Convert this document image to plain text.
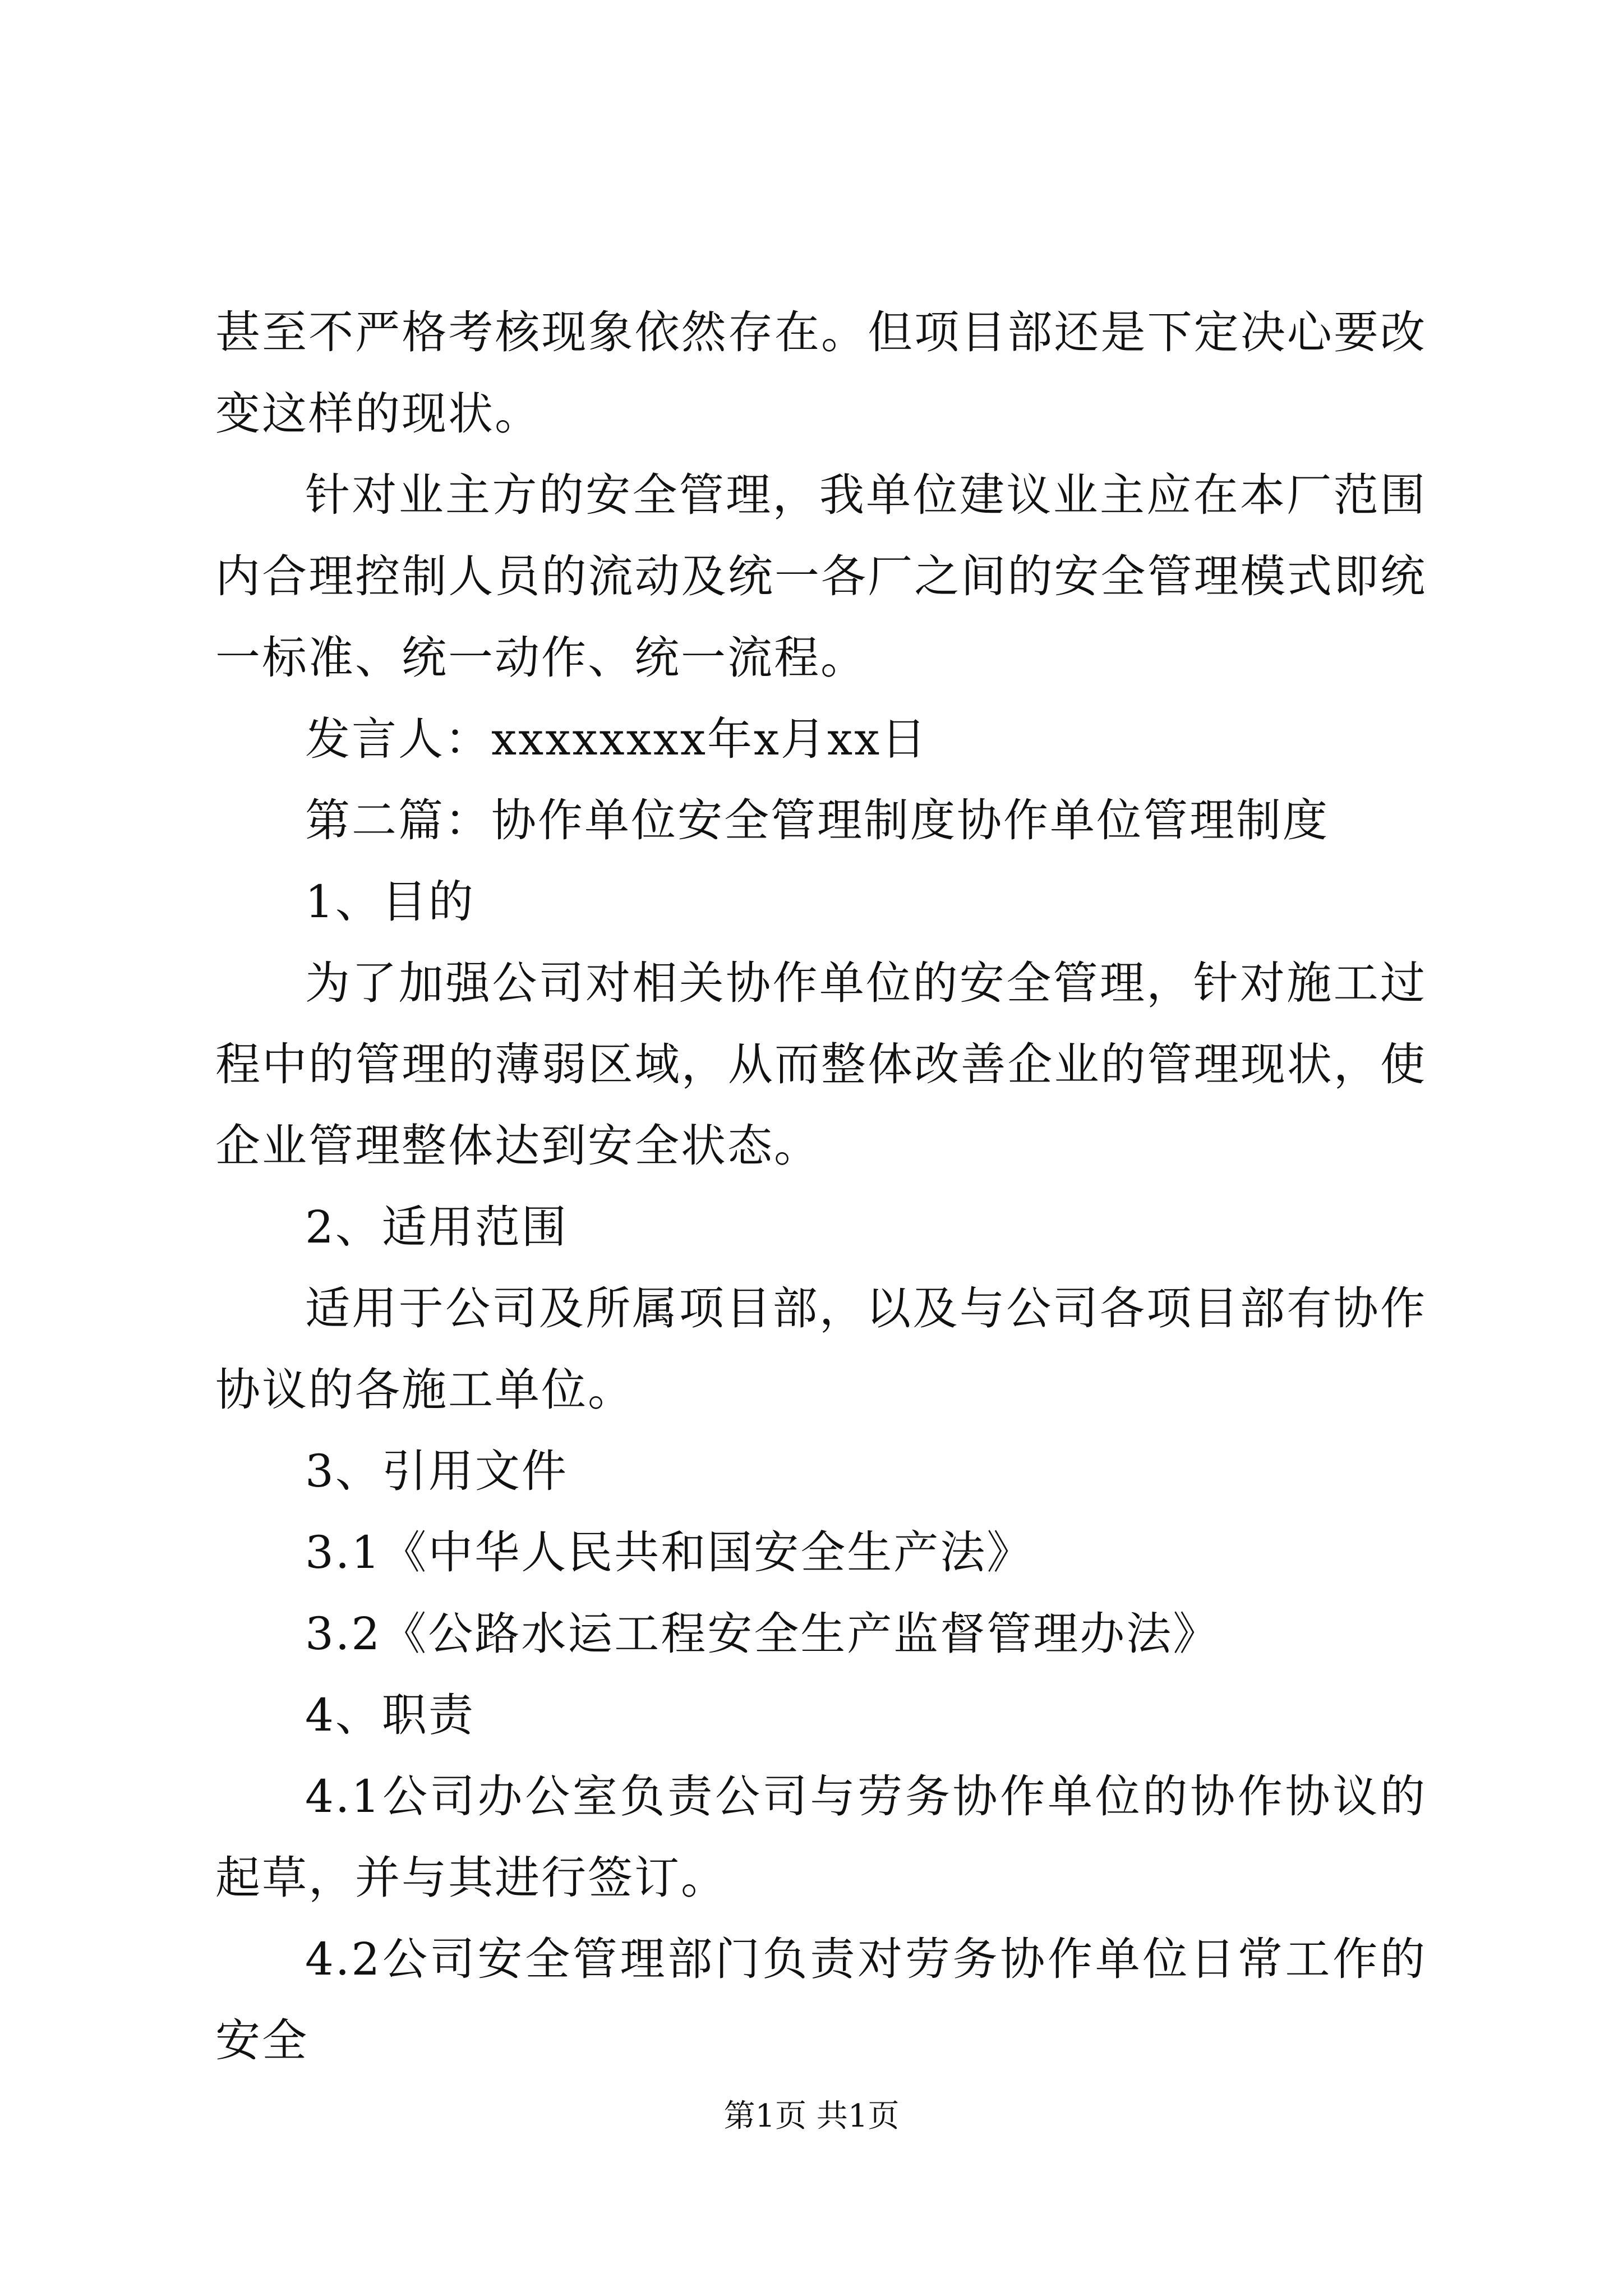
甚至不严格考核现象依然存在。但项目部还是下定决心要改变这样的现状。

针对业主方的安全管理，我单位建议业主应在本厂范围内合理控制人员的流动及统一各厂之间的安全管理模式即统一标准、统一动作、统一流程。

发言人：xxxxxxxx年x月xx日

第二篇：协作单位安全管理制度协作单位管理制度

1、目的

为了加强公司对相关协作单位的安全管理，针对施工过程中的管理的薄弱区域，从而整体改善企业的管理现状，使企业管理整体达到安全状态。

2、适用范围

适用于公司及所属项目部，以及与公司各项目部有协作协议的各施工单位。

3、引用文件

3.1《中华人民共和国安全生产法》

3.2《公路水运工程安全生产监督管理办法》

4、职责

4.1公司办公室负责公司与劳务协作单位的协作协议的起草，并与其进行签订。

4.2公司安全管理部门负责对劳务协作单位日常工作的安全

第1页 共1页
